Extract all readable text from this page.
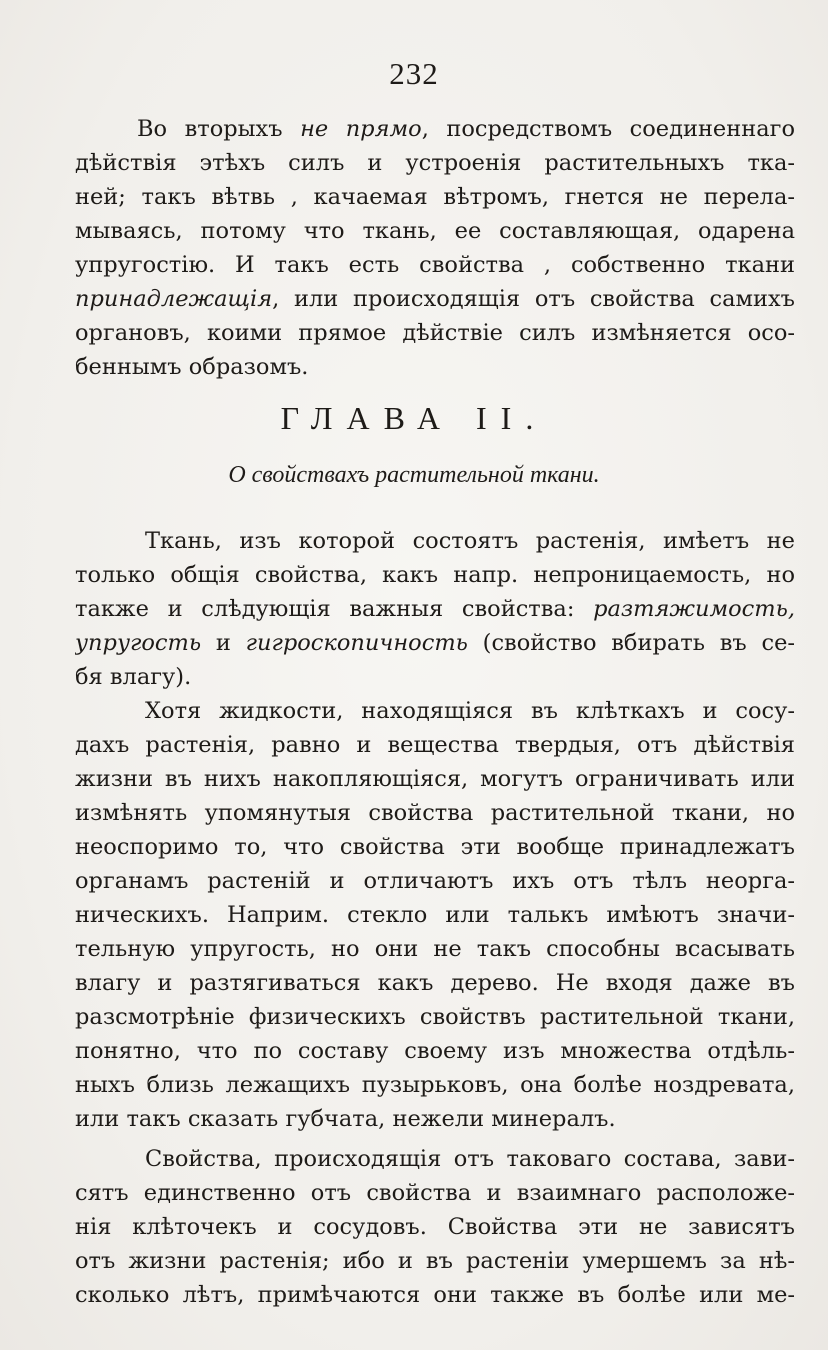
232
Во вторыхъ не прямо, посредствомъ соединеннаго
дѣйствія этѣхъ силъ и устроенія растительныхъ тка-
ней; такъ вѣтвь , качаемая вѣтромъ, гнется не перела-
мываясь, потому что ткань, ее составляющая, одарена
упругостію. И такъ есть свойства , собственно ткани
принадлежащія, или происходящія отъ свойства самихъ
органовъ, коими прямое дѣйствіе силъ измѣняется осо-
беннымъ образомъ.
ГЛАВА II.
О свойствахъ растительной ткани.
Ткань, изъ которой состоятъ растенія, имѣетъ не
только общія свойства, какъ напр. непроницаемость, но
также и слѣдующія важныя свойства: разтяжимость,
упругость и гигроскопичность (свойство вбирать въ се-
бя влагу).
Хотя жидкости, находящіяся въ клѣткахъ и сосу-
дахъ растенія, равно и вещества твердыя, отъ дѣйствія
жизни въ нихъ накопляющіяся, могутъ ограничивать или
измѣнять упомянутыя свойства растительной ткани, но
неоспоримо то, что свойства эти вообще принадлежатъ
органамъ растеній и отличаютъ ихъ отъ тѣлъ неорга-
ническихъ. Наприм. стекло или талькъ имѣютъ значи-
тельную упругость, но они не такъ способны всасывать
влагу и разтягиваться какъ дерево. Не входя даже въ
разсмотрѣніе физическихъ свойствъ растительной ткани,
понятно, что по составу своему изъ множества отдѣль-
ныхъ близь лежащихъ пузырьковъ, она болѣе ноздревата,
или такъ сказать губчата, нежели минералъ.
Свойства, происходящія отъ таковаго состава, зави-
сятъ единственно отъ свойства и взаимнаго расположе-
нія клѣточекъ и сосудовъ. Свойства эти не зависятъ
отъ жизни растенія; ибо и въ растеніи умершемъ за нѣ-
сколько лѣтъ, примѣчаются они также въ болѣе или ме-
